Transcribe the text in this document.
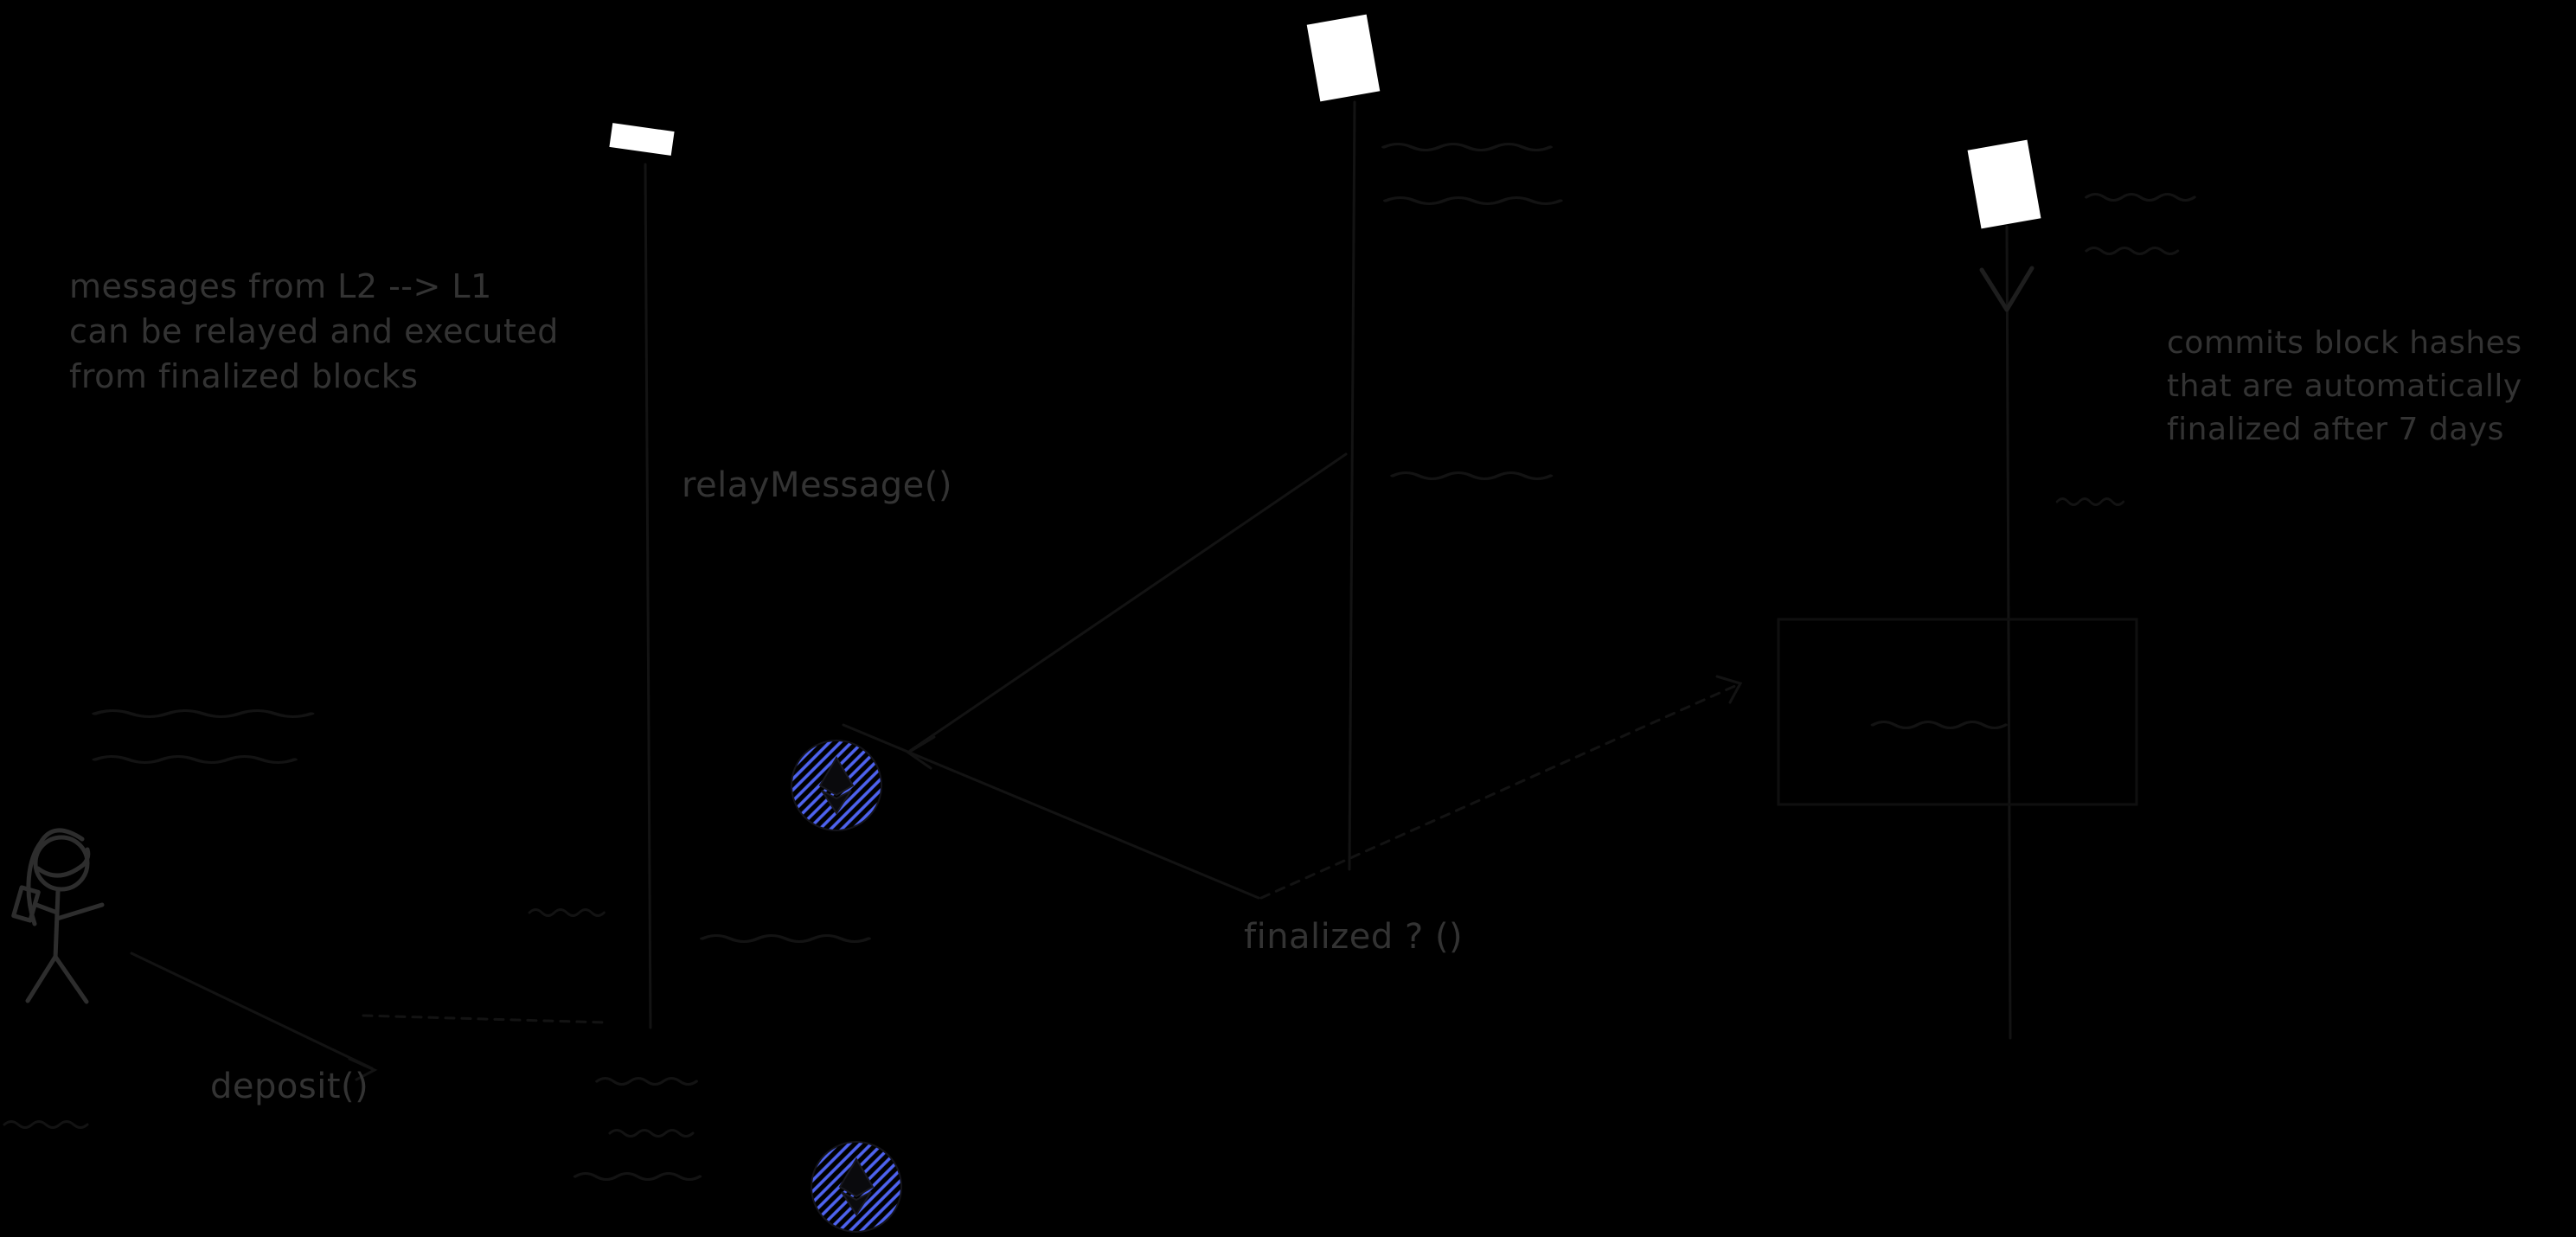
messages from L2 --> L1
can be relayed and executed
from finalized blocks
commits block hashes
that are automatically
finalized after 7 days
relayMessage()
finalized ? ()
deposit()
